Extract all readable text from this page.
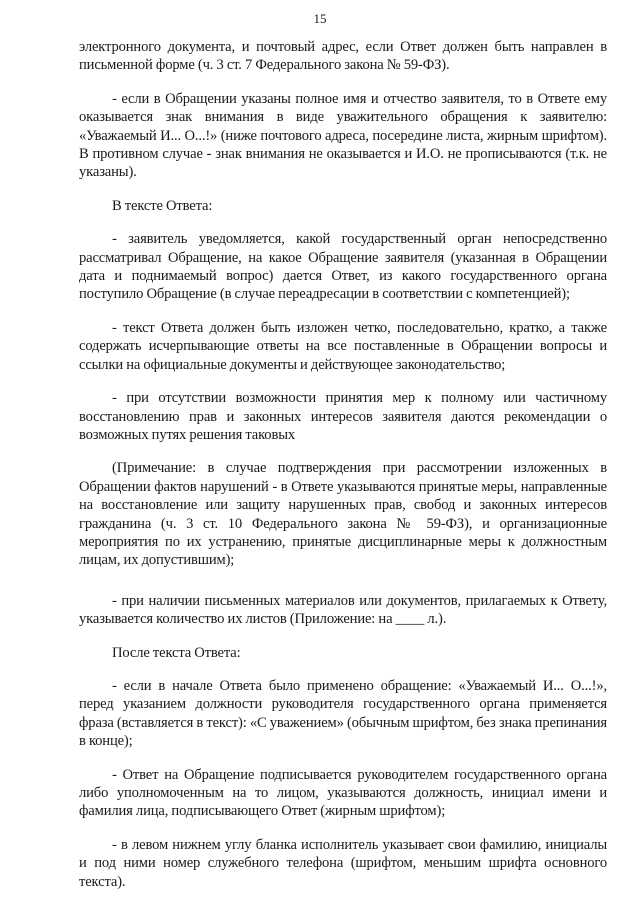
15

электронного документа, и почтовый адрес, если Ответ должен быть направлен в письменной форме (ч. 3 ст. 7 Федерального закона № 59-ФЗ).

- если в Обращении указаны полное имя и отчество заявителя, то в Ответе ему оказывается знак внимания в виде уважительного обращения к заявителю: «Уважаемый И... О...!» (ниже почтового адреса, посередине листа, жирным шрифтом). В противном случае - знак внимания не оказывается и И.О. не прописываются (т.к. не указаны).

В тексте Ответа:

- заявитель уведомляется, какой государственный орган непосредственно рассматривал Обращение, на какое Обращение заявителя (указанная в Обращении дата и поднимаемый вопрос) дается Ответ, из какого государственного органа поступило Обращение (в случае переадресации в соответствии с компетенцией);

- текст Ответа должен быть изложен четко, последовательно, кратко, а также содержать исчерпывающие ответы на все поставленные в Обращении вопросы и ссылки на официальные документы и действующее законодательство;

- при отсутствии возможности принятия мер к полному или частичному восстановлению прав и законных интересов заявителя даются рекомендации о возможных путях решения таковых

(Примечание: в случае подтверждения при рассмотрении изложенных в Обращении фактов нарушений - в Ответе указываются принятые меры, направленные на восстановление или защиту нарушенных прав, свобод и законных интересов гражданина (ч. 3 ст. 10 Федерального закона № 59-ФЗ), и организационные мероприятия по их устранению, принятые дисциплинарные меры к должностным лицам, их допустившим);

- при наличии письменных материалов или документов, прилагаемых к Ответу, указывается количество их листов (Приложение: на ____ л.).

После текста Ответа:

- если в начале Ответа было применено обращение: «Уважаемый И... О...!», перед указанием должности руководителя государственного органа применяется фраза (вставляется в текст): «С уважением» (обычным шрифтом, без знака препинания в конце);

- Ответ на Обращение подписывается руководителем государственного органа либо уполномоченным на то лицом, указываются должность, инициал имени и фамилия лица, подписывающего Ответ (жирным шрифтом);

- в левом нижнем углу бланка исполнитель указывает свои фамилию, инициалы и под ними номер служебного телефона (шрифтом, меньшим шрифта основного текста).
